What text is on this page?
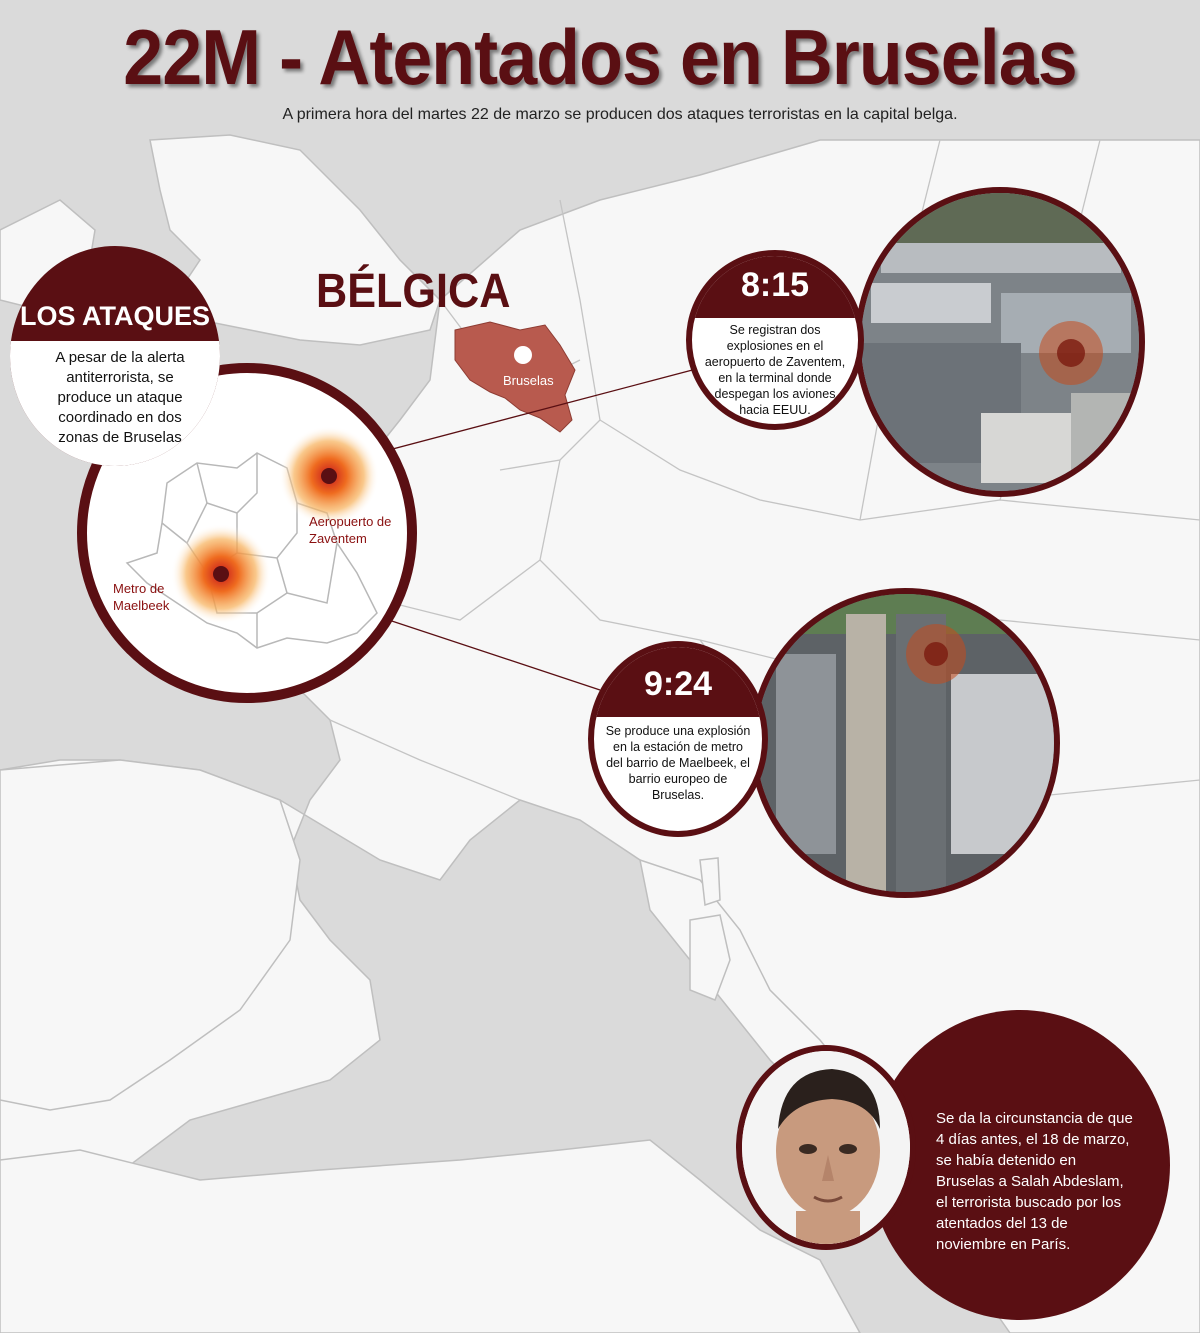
22M - Atentados en Bruselas
A primera hora del martes 22 de marzo se producen dos ataques terroristas en la capital belga.
BÉLGICA
Bruselas
Aeropuerto de Zaventem
Metro de Maelbeek
LOS ATAQUES
A pesar de la alerta antiterrorista, se produce un ataque coordinado en dos zonas de Bruselas
8:15
Se registran dos explosiones en el aeropuerto de Zaventem, en la terminal donde despegan los aviones hacia EEUU.
9:24
Se produce una explosión en la estación de metro del barrio de Maelbeek, el barrio europeo de Bruselas.
Se da la circunstancia de que 4 días antes, el 18 de marzo, se había detenido en Bruselas a Salah Abdeslam, el terrorista buscado por los atentados del 13 de noviembre en París.
